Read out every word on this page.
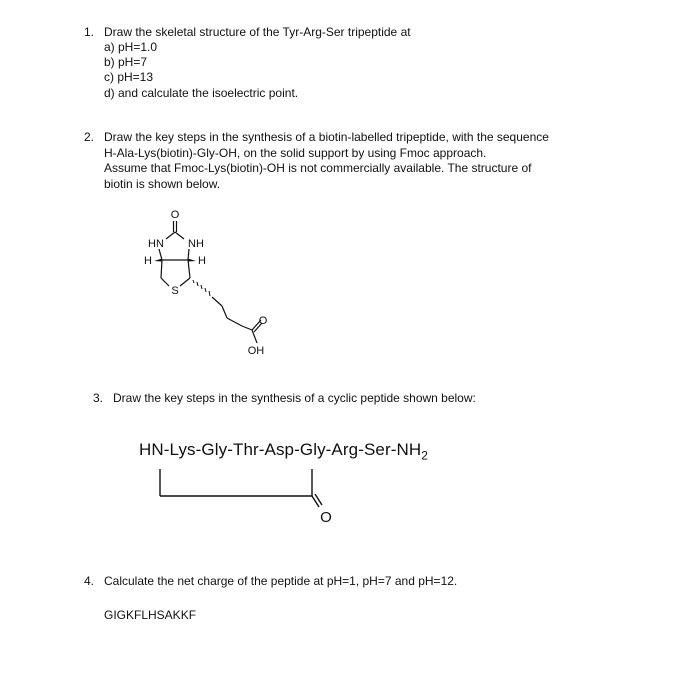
1. Draw the skeletal structure of the Tyr-Arg-Ser tripeptide at
a) pH=1.0
b) pH=7
c) pH=13
d) and calculate the isoelectric point.
2. Draw the key steps in the synthesis of a biotin-labelled tripeptide, with the sequence
H-Ala-Lys(biotin)-Gly-OH, on the solid support by using Fmoc approach.
Assume that Fmoc-Lys(biotin)-OH is not commercially available. The structure of
biotin is shown below.
O
HN NH
H	H
S
O
OH
3. Draw the key steps in the synthesis of a cyclic peptide shown below:
$HN-Lys-Gly-Thr-Asp-Gly-Arg-Ser-NH_2$
O
4. Calculate the net charge of the peptide at pH=1, pH=7 and pH=12.
GIGKFLHSAKKF
